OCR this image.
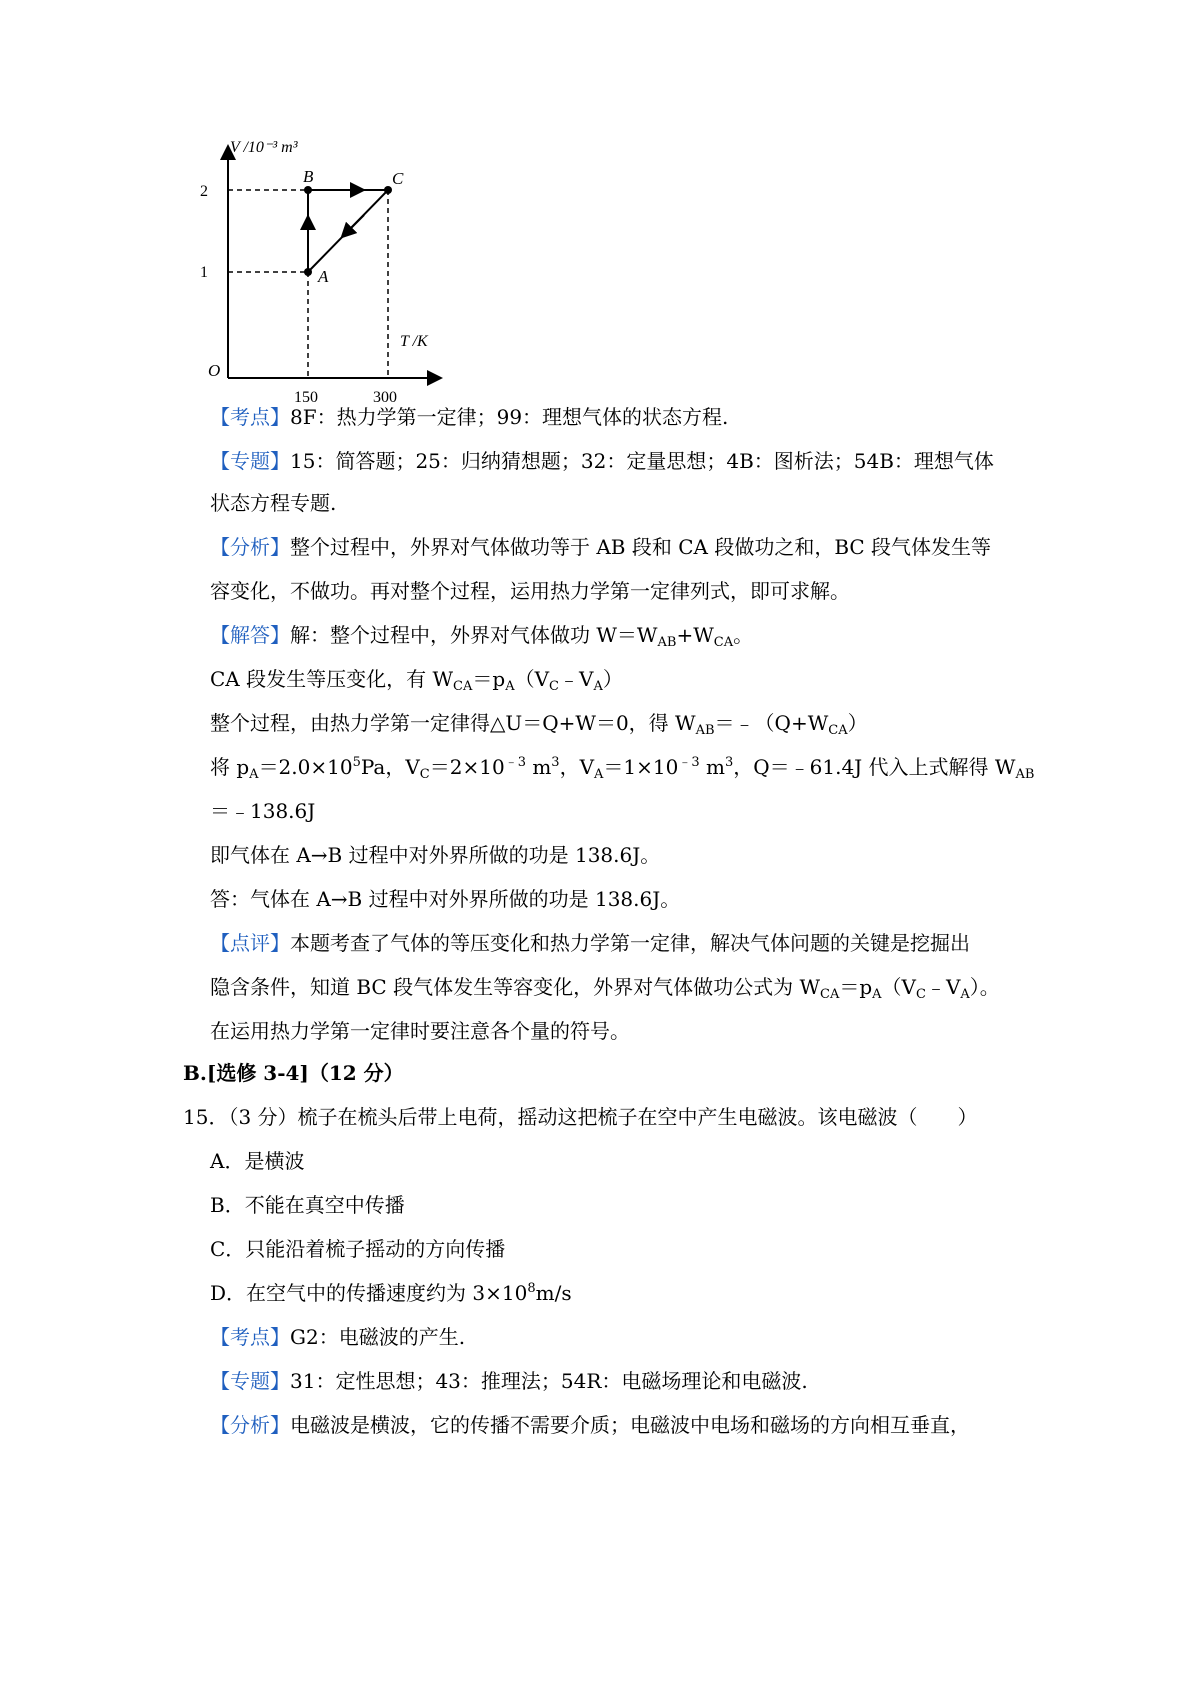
V /10⁻³ m³
T /K
O
2
1
150	300
A
B	C
【考点】8F：热力学第一定律；99：理想气体的状态方程.
【专题】15：简答题；25：归纳猜想题；32：定量思想；4B：图析法；54B：理想气体
状态方程专题.
【分析】整个过程中，外界对气体做功等于 AB 段和 CA 段做功之和，BC 段气体发生等
容变化，不做功。再对整个过程，运用热力学第一定律列式，即可求解。
【解答】解：整个过程中，外界对气体做功 $W=W_{AB}+W_{CA}$。
CA 段发生等压变化，有 $W_{CA}=p_A(V_C﹣V_A)$
整个过程，由热力学第一定律得△U＝Q+W＝0，得 $W_{AB}=﹣(Q+W_{CA})$
将 $p_A=2.0\times 10^5Pa$，$V_C=2\times 10^{﹣3}$ $m^3$，$V_A=1\times 10^{﹣3}$ $m^3$，Q＝﹣61.4J 代入上式解得 $W_{AB}$
＝﹣138.6J
即气体在 A→B 过程中对外界所做的功是 138.6J。
答：气体在 A→B 过程中对外界所做的功是 138.6J。
【点评】本题考查了气体的等压变化和热力学第一定律，解决气体问题的关键是挖掘出
隐含条件，知道 BC 段气体发生等容变化，外界对气体做功公式为 $W_{CA}=p_A(V_C﹣V_A)$。
在运用热力学第一定律时要注意各个量的符号。
B.[选修 3-4]（12 分）
15．（3 分）梳子在梳头后带上电荷，摇动这把梳子在空中产生电磁波。该电磁波（　　）
A．是横波
B．不能在真空中传播
C．只能沿着梳子摇动的方向传播
D．在空气中的传播速度约为 $3\times 10^8m/s$
【考点】G2：电磁波的产生.
【专题】31：定性思想；43：推理法；54R：电磁场理论和电磁波.
【分析】电磁波是横波，它的传播不需要介质；电磁波中电场和磁场的方向相互垂直，
